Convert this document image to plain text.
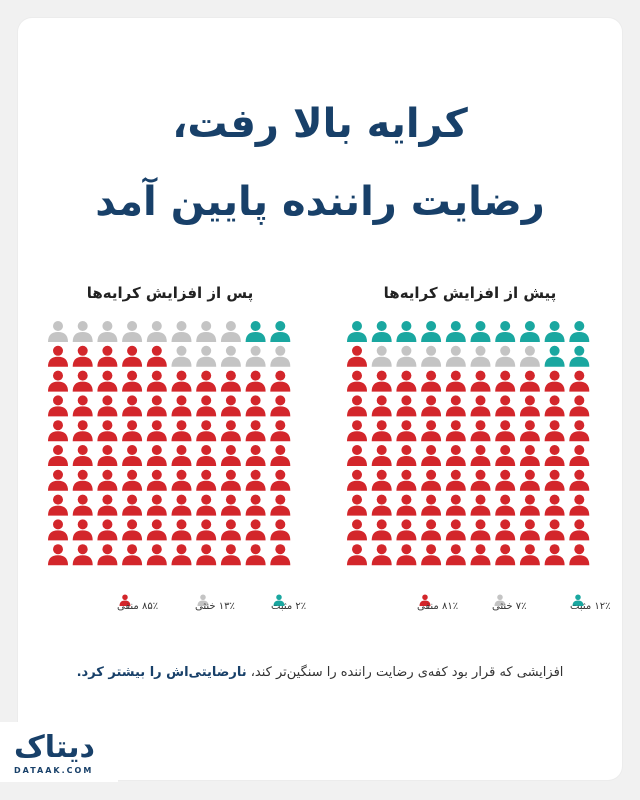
کرایه بالا رفت،
رضایت راننده پایین آمد
پیش از افزایش کرایه‌ها
پس از افزایش کرایه‌ها
۱۲٪ مثبت
۷٪ خنثی
۸۱٪ منفی
۲٪ مثبت
۱۳٪ خنثی
۸۵٪ منفی
افزایشی که قرار بود کفه‌ی رضایت راننده را سنگین‌تر کند، نارضایتی‌اش را بیشتر کرد.
دیتاک
DATAAK.COM
